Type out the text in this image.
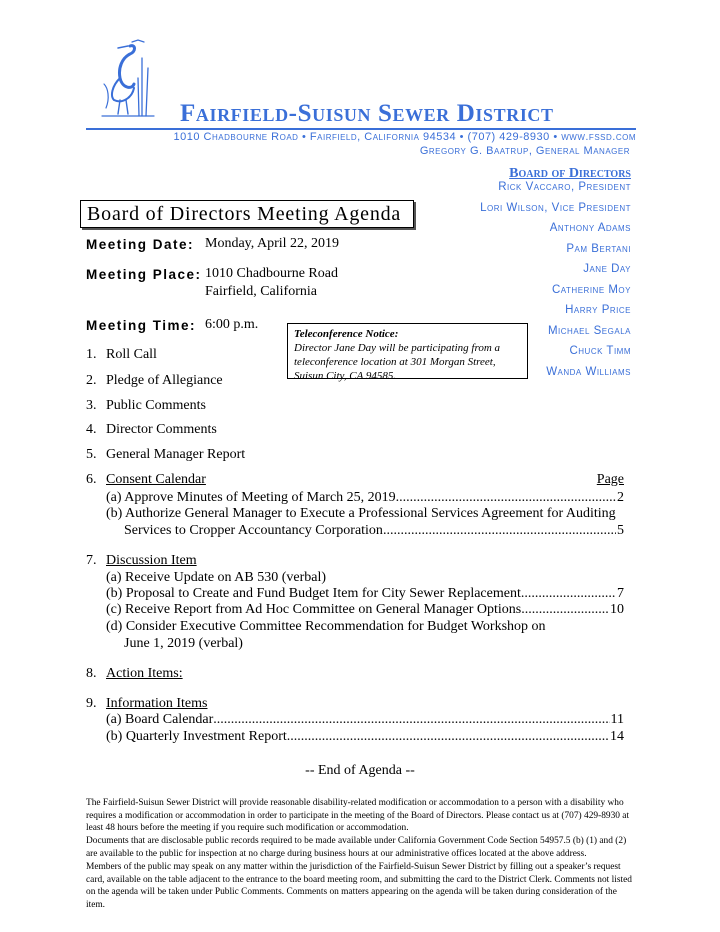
Fairfield-Suisun Sewer District
1010 Chadbourne Road • Fairfield, California 94534 • (707) 429-8930 • www.fssd.com
Gregory G. Baatrup, General Manager
Board of Directors
Rick Vaccaro, President
Lori Wilson, Vice President
Anthony Adams
Pam Bertani
Jane Day
Catherine Moy
Harry Price
Michael Segala
Chuck Timm
Wanda Williams
Board of Directors Meeting Agenda
Meeting Date: Monday, April 22, 2019
Meeting Place: 1010 Chadbourne Road
Fairfield, California
Meeting Time: 6:00 p.m.
Teleconference Notice:
Director Jane Day will be participating from a teleconference location at 301 Morgan Street, Suisun City, CA 94585.
1. Roll Call
2. Pledge of Allegiance
3. Public Comments
4. Director Comments
5. General Manager Report
6. Consent Calendar	Page
(a) Approve Minutes of Meeting of March 25, 2019 .....	2
(b) Authorize General Manager to Execute a Professional Services Agreement for Auditing
Services to Cropper Accountancy Corporation .....	5
7. Discussion Item
(a) Receive Update on AB 530 (verbal)
(b) Proposal to Create and Fund Budget Item for City Sewer Replacement .....	7
(c) Receive Report from Ad Hoc Committee on General Manager Options .....	10
(d) Consider Executive Committee Recommendation for Budget Workshop on
June 1, 2019 (verbal)
8. Action Items:
9. Information Items
(a) Board Calendar .....	11
(b) Quarterly Investment Report .....	14
-- End of Agenda --
The Fairfield-Suisun Sewer District will provide reasonable disability-related modification or accommodation to a person with a disability who requires a modification or accommodation in order to participate in the meeting of the Board of Directors. Please contact us at (707) 429-8930 at least 48 hours before the meeting if you require such modification or accommodation.
Documents that are disclosable public records required to be made available under California Government Code Section 54957.5 (b) (1) and (2) are available to the public for inspection at no charge during business hours at our administrative offices located at the above address.
Members of the public may speak on any matter within the jurisdiction of the Fairfield-Suisun Sewer District by filling out a speaker’s request card, available on the table adjacent to the entrance to the board meeting room, and submitting the card to the District Clerk. Comments not listed on the agenda will be taken under Public Comments. Comments on matters appearing on the agenda will be taken during consideration of the item.
